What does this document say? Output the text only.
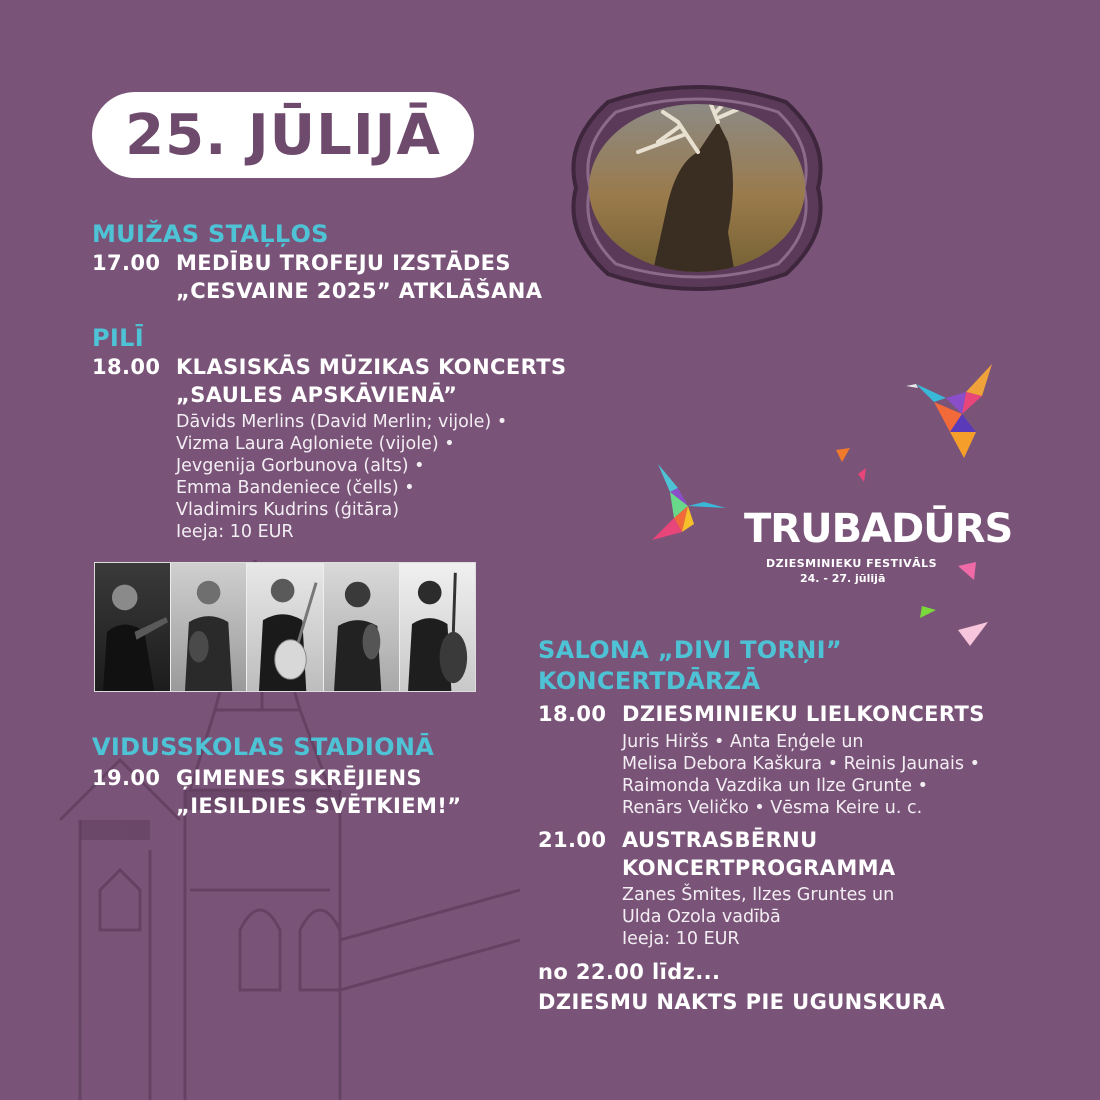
25. JŪLIJĀ
MUIŽAS STAĻĻOS
17.00 MEDĪBU TROFEJU IZSTĀDES
„CESVAINE 2025” ATKLĀŠANA
PILĪ
18.00 KLASISKĀS MŪZIKAS KONCERTS
„SAULES APSKĀVIENĀ”
Dāvids Merlins (David Merlin; vijole) •
Vizma Laura Agloniete (vijole) •
Jevgenija Gorbunova (alts) •
Emma Bandeniece (čells) •
Vladimirs Kudrins (ģitāra)
Ieeja: 10 EUR
VIDUSSKOLAS STADIONĀ
19.00 ĢIMENES SKRĒJIENS
„IESILDIES SVĒTKIEM!”
TRUBADŪRS
DZIESMINIEKU FESTIVĀLS
24. - 27. jūlijā
SALONA „DIVI TORŅI”
KONCERTDĀRZĀ
18.00 DZIESMINIEKU LIELKONCERTS
Juris Hiršs • Anta Eņģele un
Melisa Debora Kaškura • Reinis Jaunais •
Raimonda Vazdika un Ilze Grunte •
Renārs Veličko • Vēsma Keire u. c.
21.00 AUSTRASBĒRNU
KONCERTPROGRAMMA
Zanes Šmites, Ilzes Gruntes un
Ulda Ozola vadībā
Ieeja: 10 EUR
no 22.00 līdz...
DZIESMU NAKTS PIE UGUNSKURA
